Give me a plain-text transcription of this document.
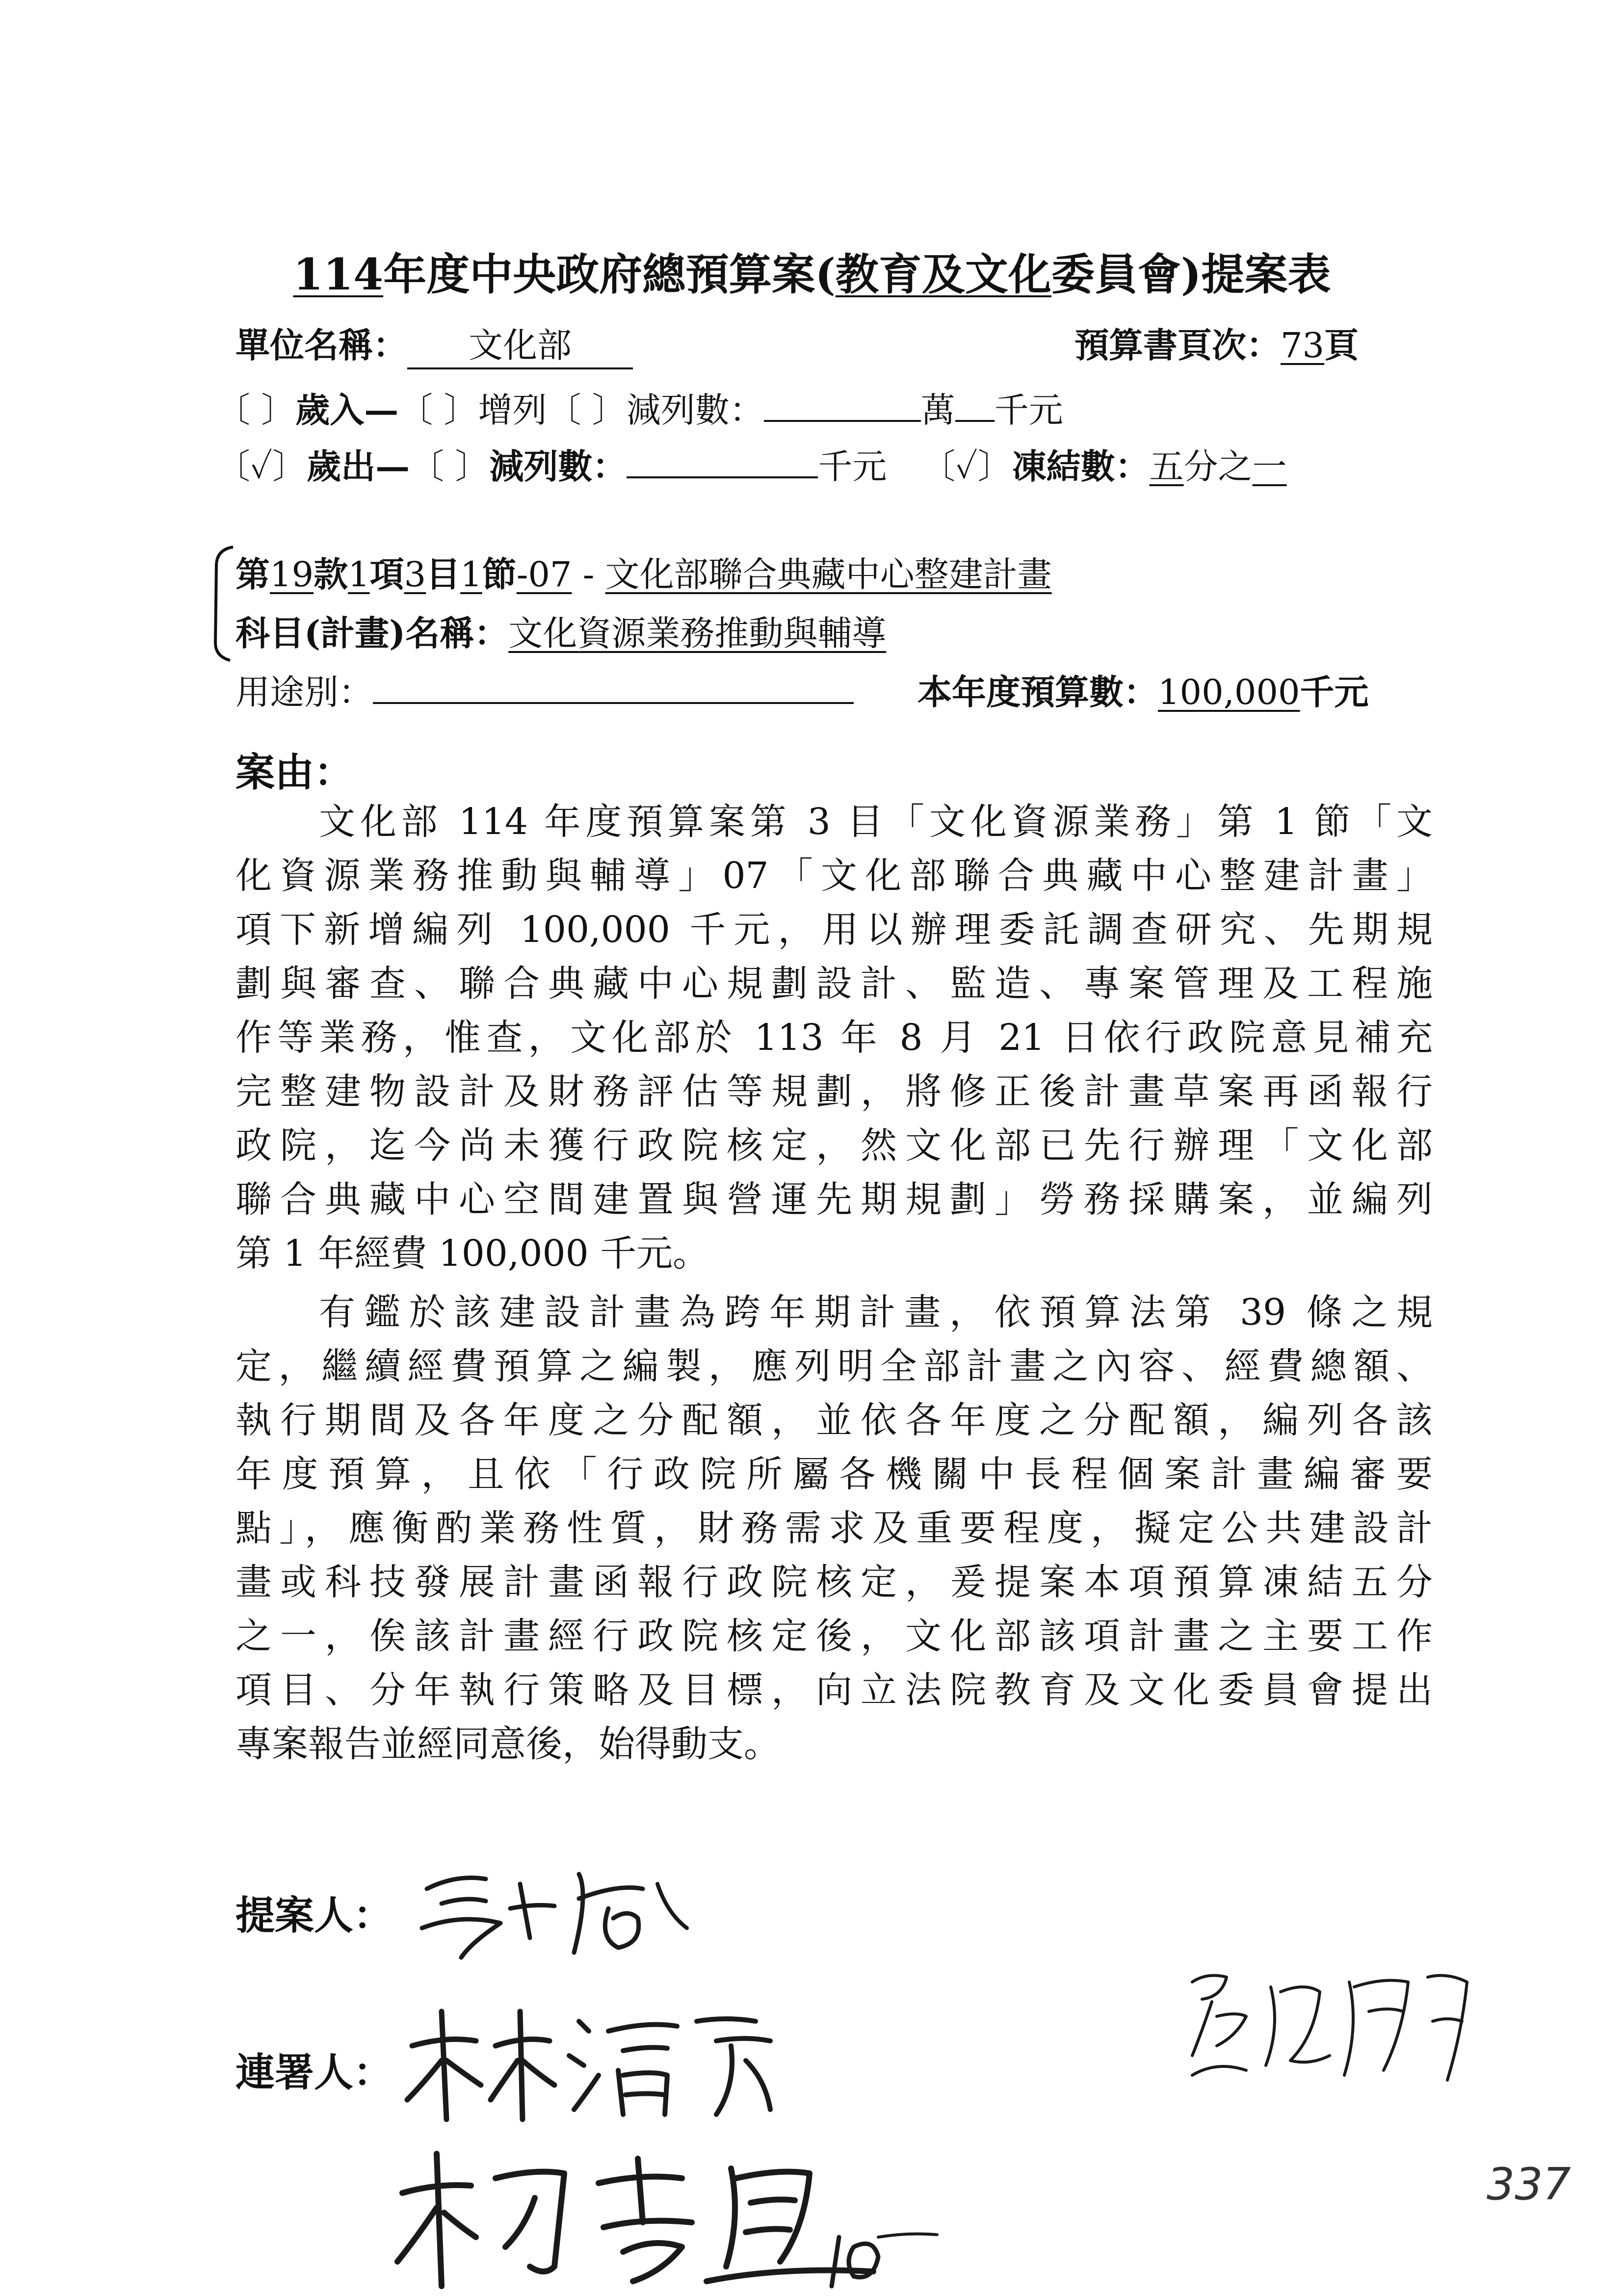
114年度中央政府總預算案(教育及文化委員會)提案表
單位名稱： 文化部	預算書頁次：73頁
〔 〕歲入—〔 〕增列〔 〕減列數：	萬 千元
〔✓〕歲出—〔 〕減列數：	千元 〔✓〕凍結數：五分之一
第19款1項3目1節-07 - 文化部聯合典藏中心整建計畫
科目(計畫)名稱：文化資源業務推動與輔導
用途別：	本年度預算數：100,000千元
案由：
文化部 114 年度預算案第 3 目「文化資源業務」第 1 節「文
化資源業務推動與輔導」07「文化部聯合典藏中心整建計畫」
項下新增編列 100,000 千元，用以辦理委託調查研究、先期規
劃與審查、聯合典藏中心規劃設計、監造、專案管理及工程施
作等業務，惟查，文化部於 113 年 8 月 21 日依行政院意見補充
完整建物設計及財務評估等規劃，將修正後計畫草案再函報行
政院，迄今尚未獲行政院核定，然文化部已先行辦理「文化部
聯合典藏中心空間建置與營運先期規劃」勞務採購案，並編列
第 1 年經費 100,000 千元。
有鑑於該建設計畫為跨年期計畫，依預算法第 39 條之規
定，繼續經費預算之編製，應列明全部計畫之內容、經費總額、
執行期間及各年度之分配額，並依各年度之分配額，編列各該
年度預算，且依「行政院所屬各機關中長程個案計畫編審要
點」，應衡酌業務性質，財務需求及重要程度，擬定公共建設計
畫或科技發展計畫函報行政院核定，爰提案本項預算凍結五分
之一，俟該計畫經行政院核定後，文化部該項計畫之主要工作
項目、分年執行策略及目標，向立法院教育及文化委員會提出
專案報告並經同意後，始得動支。
提案人：
連署人：
337
